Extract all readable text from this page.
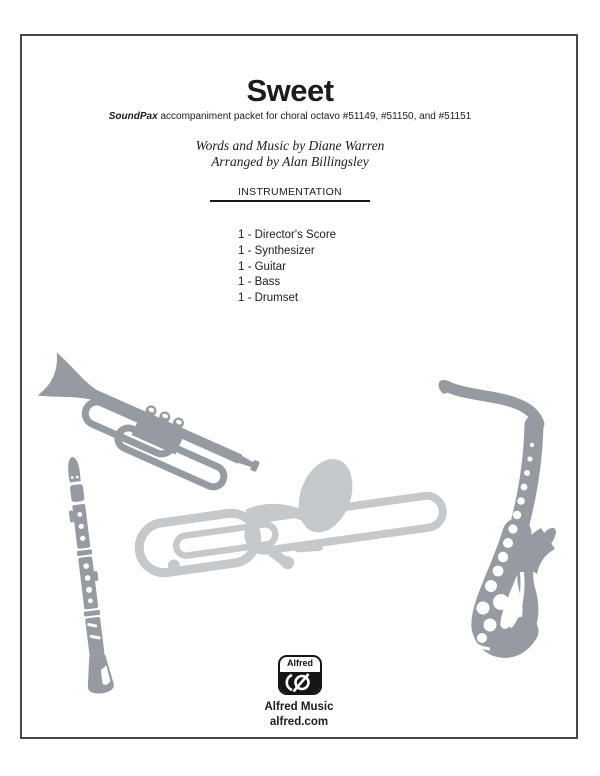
Sweet
SoundPax accompaniment packet for choral octavo #51149, #51150, and #51151
Words and Music by Diane Warren
Arranged by Alan Billingsley
INSTRUMENTATION
1 - Director's Score
1 - Synthesizer
1 - Guitar
1 - Bass
1 - Drumset
Alfred
Alfred Music
alfred.com
